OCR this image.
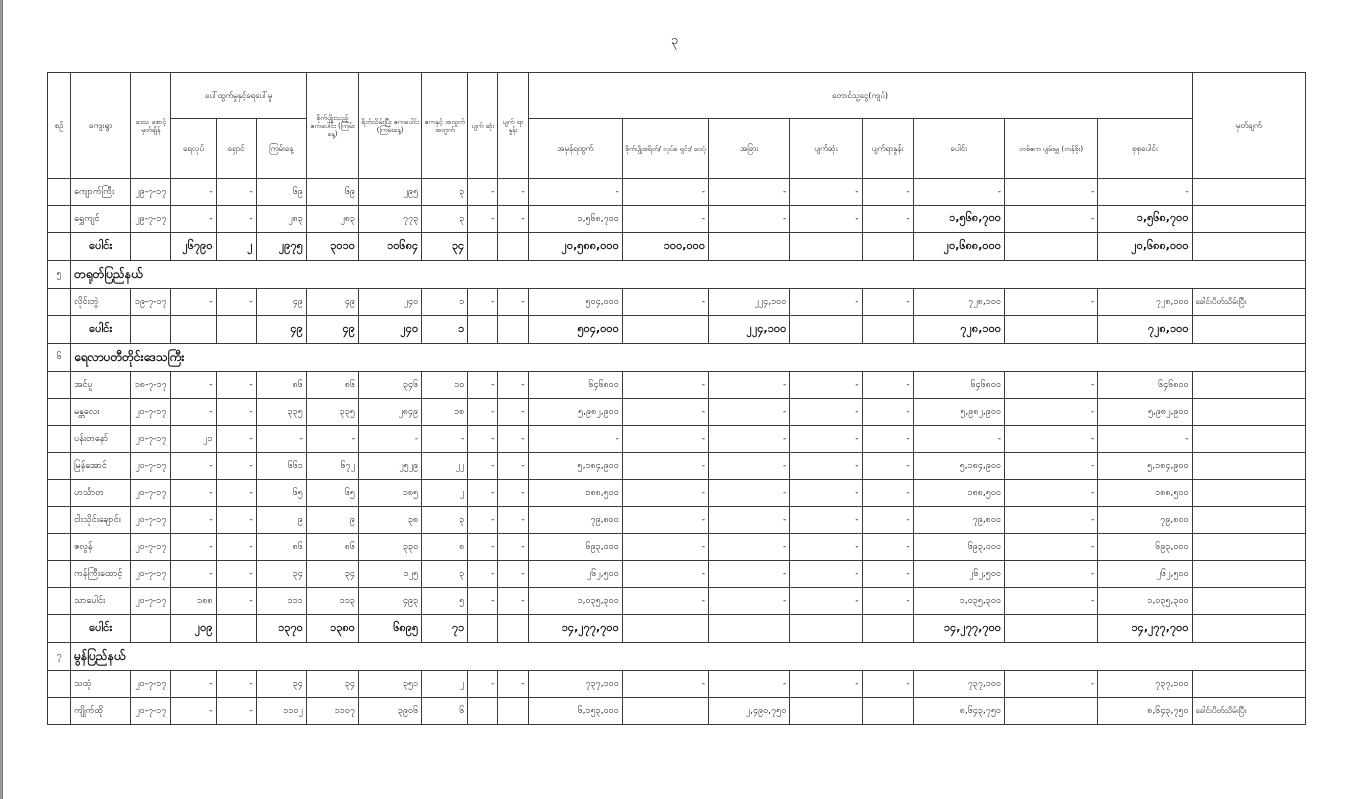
၃
စဥ်	ကျေးရွာ	ဒေသ စောင့် မှတ်ချိန်	ပေါ်ထွက်မှုနှင့်ရေပေါ်မှု			စိုက်ပျိုးသည့် ဧကပေါင်း (ကြမ်းနေ့)	ရိတ်သိမ်းပြီး ဧကပေါင်း (ကြမ်းနေ့)	ဧကနှင့် အထွက် အတွက်	ပျက် ဆုံး	ပျက် ရာ နှုန်း	တောင်သူ့ငွေ(ကျပ်)								မှတ်ချက်
			ရေလုပ်	ရှောင်	ကြမ်းနေ့						အမှန်ရထွက်	စိုက်ပျိုးစရိတ်/ လုပ်ခ ရှင်း/ ဝေပုံ	အခြား	ပျက်ဆုံး	ပျက်ရာနှုန်း	ပေါင်း	တစ်ဧက ပျမ်းမျှ (တန်ဖိုး)	စုစုပေါင်း	
	ကျောက်ကြီး	၂၉-၇-၁၇	-	-	၆၉	၆၉	၂၉၅	၃	-	-	-	-	-	-	-	-	-	-	
	ရွှေကျင်	၂၉-၇-၁၇	-	-	၂၈၃	၂၈၃	၇၇၃	၃	-	-	၁,၅၆၈,၇၀၀	-	-	-	-	၁,၅၆၈,၇၀၀	-	၁,၅၆၈,၇၀၀	
	ပေါင်း		၂၆၇၉၀	၂	၂၉၇၅	၃၀၁၀	၁၀၆၈၄	၃၄			၂၀,၅၈၈,၀၀၀	၁၀၀,၀၀၀				၂၀,၆၈၈,၀၀၀		၂၀,၆၈၈,၀၀၀	
၅	တရုတ်ပြည်နယ်																		
	လိုင်းဘွဲ	၁၉-၇-၁၇	-	-	၄၉	၄၉	၂၄၀	၁	-	-	၅၀၄,၀၀၀	-	၂၂၄,၁၀၀	-	-	၇၂၈,၁၀၀	-	၇၂၈,၁၀၀	ခေါင်းပိတ်သိမ်းပြီး
	ပေါင်း				၄၉	၄၉	၂၄၀	၁			၅၀၄,၀၀၀		၂၂၄,၁၀၀			၇၂၈,၁၀၀		၇၂၈,၁၀၀	
၆	ရေလာပတီတိုင်းဒေသကြီး																		
	အင်ပူ	၁၈-၇-၁၇	-	-	၈၆	၈၆	၃၄၆	၁၀	-	-	၆၄၆၈၀၀	-	-	-	-	၆၄၆၈၀၀	-	၆၄၆၈၀၀	
	မန္တလေး	၂၀-၇-၁၇	-	-	၃၃၅	၃၃၅	၂၈၄၉	၁၈	-	-	၅,၉၈၂,၉၀၀	-	-	-	-	၅,၉၈၂,၉၀၀	-	၅,၉၈၂,၉၀၀	
	ပန်းတနော်	၂၀-၇-၁၇	၂၁	-	-	-	-	-	-	-	-	-	-	-	-	-	-	-	
	မြန်အောင်	၂၀-၇-၁၇	-	-	၆၆၁	၆၇၂	၂၅၂၉	၂၂	-	-	၅,၁၈၄,၉၀၀	-	-	-	-	၅,၁၈၄,၉၀၀	-	၅,၁၈၄,၉၀၀	
	ဟင်္သာတ	၂၀-၇-၁၇	-	-	၆၅	၆၅	၁၈၅	၂	-	-	၁၈၈,၅၀၀	-	-	-	-	၁၈၈,၅၀၀	-	၁၈၈,၅၀၀	
	ငါးသိုင်းချောင်း	၂၀-၇-၁၇	-	-	၉	၉	၃၈	၃	-	-	၇၉,၈၀၀	-	-	-	-	၇၉,၈၀၀	-	၇၉,၈၀၀	
	ဇလွန်	၂၀-၇-၁၇	-	-	၈၆	၈၆	၃၃၀	၈	-	-	၆၉၃,၀၀၀	-	-	-	-	၆၉၃,၀၀၀	-	၆၉၃,၀၀၀	
	ကန်ကြီးထောင့်	၂၀-၇-၁၇	-	-	၃၄	၃၄	၁၂၅	၃	-	-	၂၆၂,၅၀၀	-	-	-	-	၂၆၂,၅၀၀	-	၂၆၂,၅၀၀	
	သာပေါင်း	၂၀-၇-၁၇	၁၈၈	-	၁၁၁	၁၁၃	၄၉၃	၅	-	-	၁,၀၃၅,၃၀၀	-	-	-	-	၁,၀၃၅,၃၀၀	-	၁,၀၃၅,၃၀၀	
	ပေါင်း		၂၀၉		၁၃၇၀	၁၃၈၀	၆၈၉၅	၇၁			၁၄,၂၇၇,၇၀၀					၁၄,၂၇၇,၇၀၀		၁၄,၂၇၇,၇၀၀	
၇	မွန်ပြည်နယ်																		
	သထုံ	၂၀-၇-၁၇	-	-	၃၄	၃၄	၃၅၁	၂	-	-	၇၃၇,၁၀၀	-	-	-	-	၇၃၇,၁၀၀	-	၇၃၇,၁၀၀	
	ကျိုက်ထို	၂၀-၇-၁၇	-	-	၁၁၀၂	၁၁၀၇	၃၉၀၆	၆			၆,၁၅၃,၀၀၀		၂,၄၉၀,၇၅၀			၈,၆၄၃,၇၅၀		၈,၆၄၃,၇၅၀	ခေါင်းပိတ်သိမ်းပြီး
